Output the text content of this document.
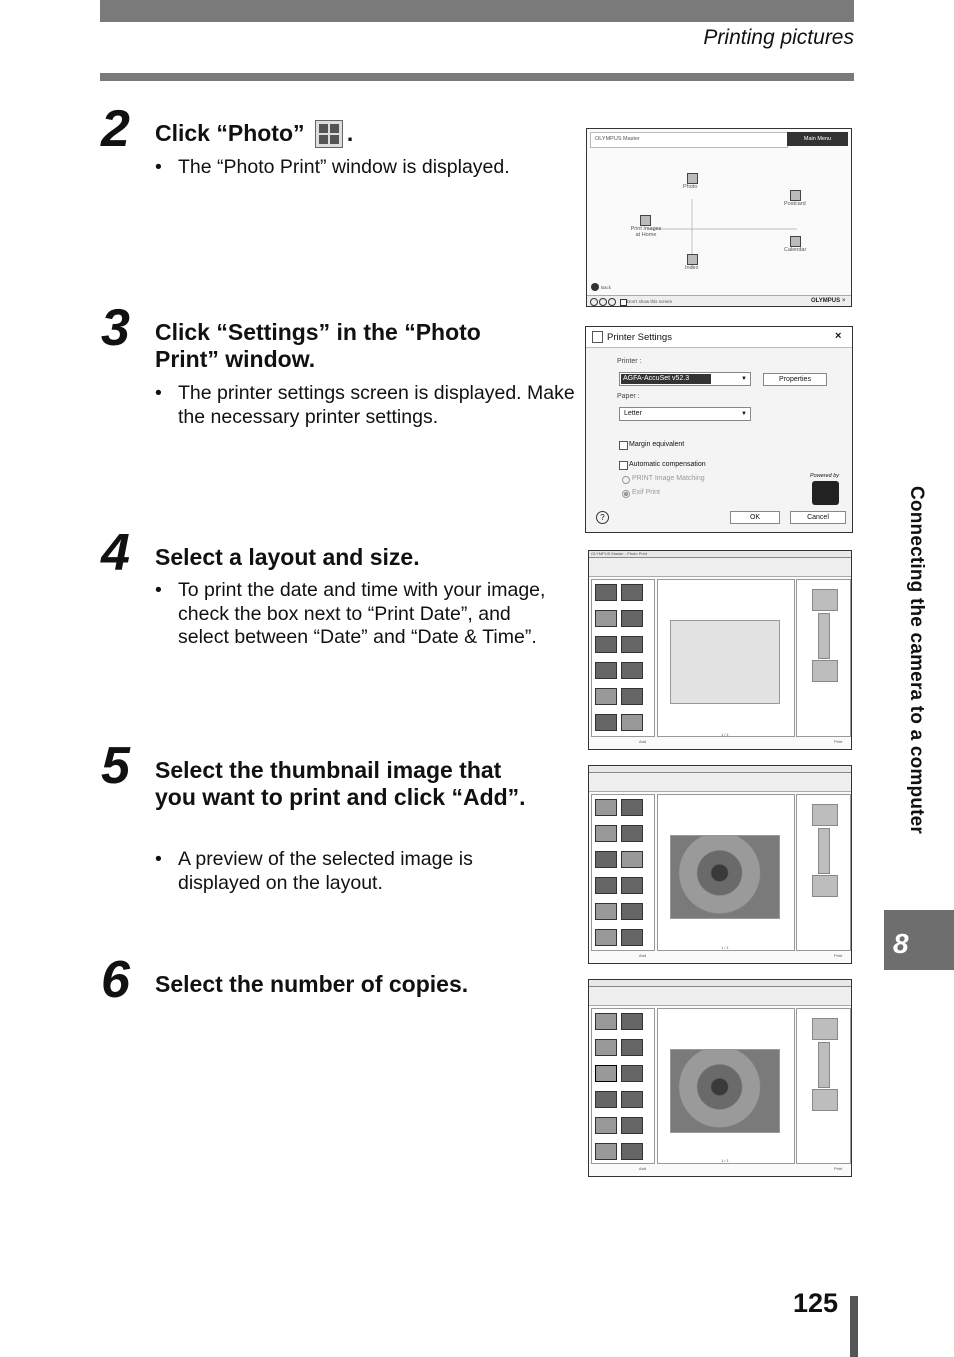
Printing pictures
2 Click “Photo” .
• The “Photo Print” window is displayed.
3 Click “Settings” in the “Photo Print” window.
• The printer settings screen is displayed. Make the necessary printer settings.
4 Select a layout and size.
• To print the date and time with your image, check the box next to “Print Date”, and select between “Date” and “Date & Time”.
5 Select the thumbnail image that you want to print and click “Add”.
• A preview of the selected image is displayed on the layout.
6 Select the number of copies.
Connecting the camera to a computer
8
125
OLYMPUS Master	Main Menu
Photo
Postcard
Print Images at Home
Calendar
Index
Back
Don't show this screen	OLYMPUS ×
Printer Settings	×
Printer :
AGFA-AccuSet v52.3	▼	Properties
Paper :
Letter	▼
Margin equivalent
Automatic compensation
PRINT Image Matching
Exif Print
Powered by
?	OK	Cancel
OLYMPUS Master - Photo Print
1 / 1
Add	Print
1 / 1
Add	Print
1 / 1
Add	Print
